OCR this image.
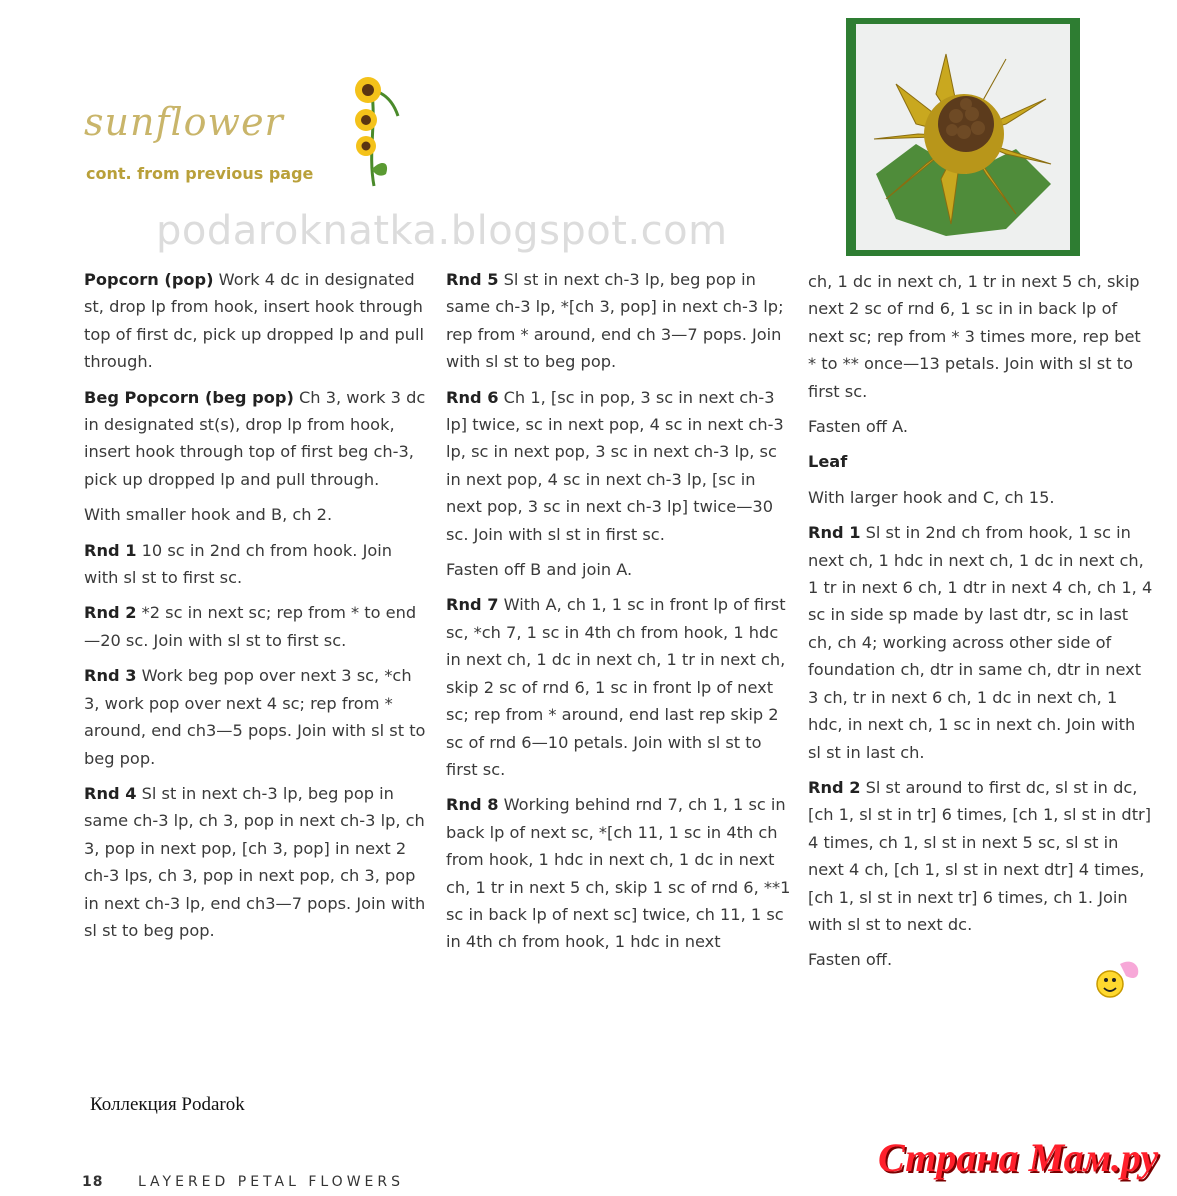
sunflower
cont. from previous page
podaroknatka.blogspot.com

Popcorn (pop) Work 4 dc in designated st, drop lp from hook, insert hook through top of first dc, pick up dropped lp and pull through.

Beg Popcorn (beg pop) Ch 3, work 3 dc in designated st(s), drop lp from hook, insert hook through top of first beg ch-3, pick up dropped lp and pull through.

With smaller hook and B, ch 2.

Rnd 1 10 sc in 2nd ch from hook. Join with sl st to first sc.

Rnd 2 *2 sc in next sc; rep from * to end—20 sc. Join with sl st to first sc.

Rnd 3 Work beg pop over next 3 sc, *ch 3, work pop over next 4 sc; rep from * around, end ch3—5 pops. Join with sl st to beg pop.

Rnd 4 Sl st in next ch-3 lp, beg pop in same ch-3 lp, ch 3, pop in next ch-3 lp, ch 3, pop in next pop, [ch 3, pop] in next 2 ch-3 lps, ch 3, pop in next pop, ch 3, pop in next ch-3 lp, end ch3—7 pops. Join with sl st to beg pop.

Rnd 5 Sl st in next ch-3 lp, beg pop in same ch-3 lp, *[ch 3, pop] in next ch-3 lp; rep from * around, end ch 3—7 pops. Join with sl st to beg pop.

Rnd 6 Ch 1, [sc in pop, 3 sc in next ch-3 lp] twice, sc in next pop, 4 sc in next ch-3 lp, sc in next pop, 3 sc in next ch-3 lp, sc in next pop, 4 sc in next ch-3 lp, [sc in next pop, 3 sc in next ch-3 lp] twice—30 sc. Join with sl st in first sc.

Fasten off B and join A.

Rnd 7 With A, ch 1, 1 sc in front lp of first sc, *ch 7, 1 sc in 4th ch from hook, 1 hdc in next ch, 1 dc in next ch, 1 tr in next ch, skip 2 sc of rnd 6, 1 sc in front lp of next sc; rep from * around, end last rep skip 2 sc of rnd 6—10 petals. Join with sl st to first sc.

Rnd 8 Working behind rnd 7, ch 1, 1 sc in back lp of next sc, *[ch 11, 1 sc in 4th ch from hook, 1 hdc in next ch, 1 dc in next ch, 1 tr in next 5 ch, skip 1 sc of rnd 6, **1 sc in back lp of next sc] twice, ch 11, 1 sc in 4th ch from hook, 1 hdc in next

ch, 1 dc in next ch, 1 tr in next 5 ch, skip next 2 sc of rnd 6, 1 sc in in back lp of next sc; rep from * 3 times more, rep bet * to ** once—13 petals. Join with sl st to first sc.

Fasten off A.

Leaf

With larger hook and C, ch 15.

Rnd 1 Sl st in 2nd ch from hook, 1 sc in next ch, 1 hdc in next ch, 1 dc in next ch, 1 tr in next 6 ch, 1 dtr in next 4 ch, ch 1, 4 sc in side sp made by last dtr, sc in last ch, ch 4; working across other side of foundation ch, dtr in same ch, dtr in next 3 ch, tr in next 6 ch, 1 dc in next ch, 1 hdc, in next ch, 1 sc in next ch. Join with sl st in last ch.

Rnd 2 Sl st around to first dc, sl st in dc, [ch 1, sl st in tr] 6 times, [ch 1, sl st in dtr] 4 times, ch 1, sl st in next 5 sc, sl st in next 4 ch, [ch 1, sl st in next dtr] 4 times, [ch 1, sl st in next tr] 6 times, ch 1. Join with sl st to next dc.

Fasten off.

Коллекция Podarok
18 LAYERED PETAL FLOWERS
Страна Мам.ру
